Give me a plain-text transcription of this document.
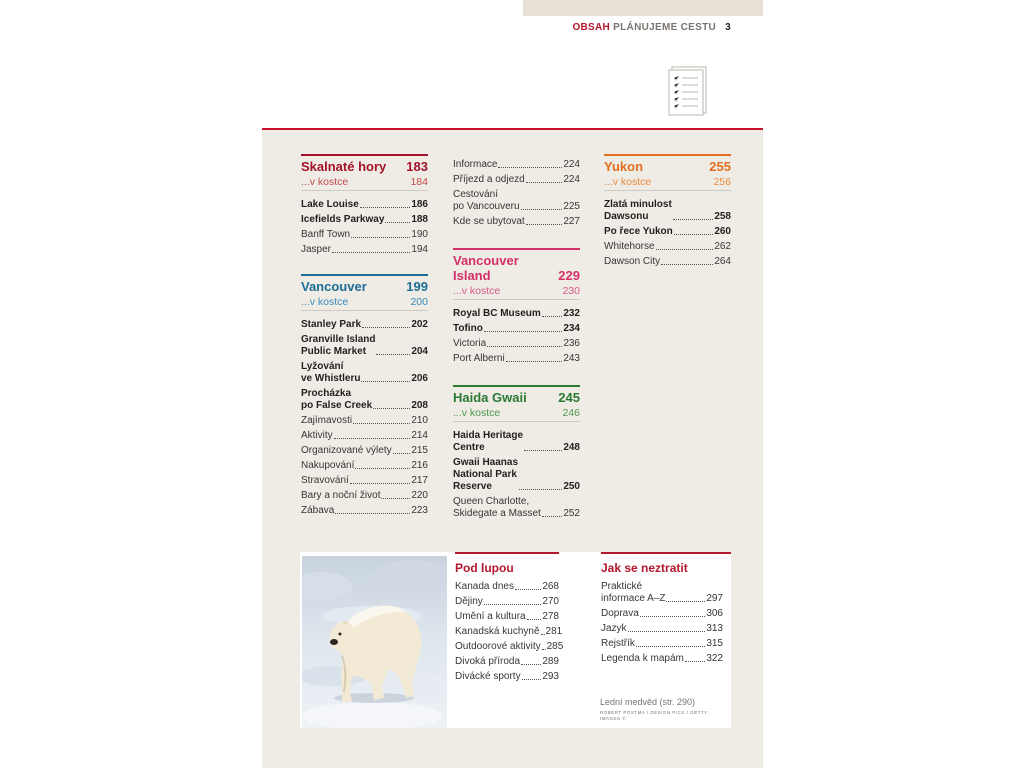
OBSAH PLÁNUJEME CESTU 3
Skalnaté hory 183
...v kostce	184
Lake Louise	186
Icefields Parkway	188
Banff Town	190
Jasper	194
Vancouver	199
...v kostce	200
Stanley Park	202
Granville Island
Public Market	204
Lyžování
ve Whistleru	206
Procházka
po False Creek	208
Zajímavosti	210
Aktivity	214
Organizované výlety 215
Nakupování	216
Stravování	217
Bary a noční život	220
Zábava	223
Informace	224
Příjezd a odjezd	224
Cestování
po Vancouveru	225
Kde se ubytovat	227
Vancouver Island	229
...v kostce	230
Royal BC Museum 232
Tofino	234
Victoria	236
Port Alberni	243
Haida Gwaii 245
...v kostce	246
Haida Heritage
Centre	248
Gwaii Haanas
National Park
Reserve	250
Queen Charlotte,
Skidegate a Masset 252
Yukon	255
...v kostce	256
Zlatá minulost
Dawsonu	258
Po řece Yukon	260
Whitehorse	262
Dawson City	264
Pod lupou
Kanada dnes	268
Dějiny	270
Umění a kultura 278
Kanadská kuchyně 281
Outdoorové aktivity 285
Divoká příroda 289
Divácké sporty 293
Jak se neztratit
Praktické
informace A–Z	297
Doprava	306
Jazyk	313
Rejstřík	315
Legenda k mapám 322
Lední medvěd (str. 290)
ROBERT POSTMA / DESIGN PICS / GETTY IMAGES ©
